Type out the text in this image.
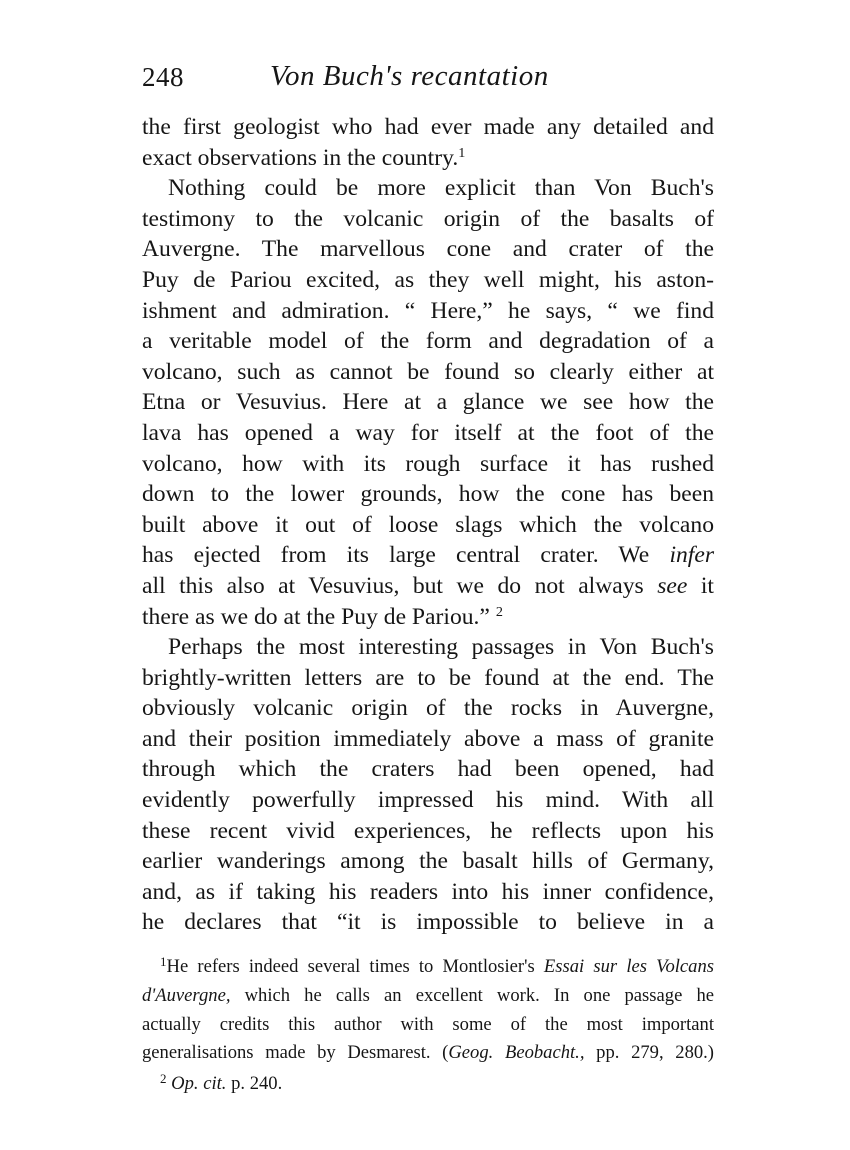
248	Von Buch's recantation
the first geologist who had ever made any detailed and
exact observations in the country.$^1$
Nothing could be more explicit than Von Buch's
testimony to the volcanic origin of the basalts of
Auvergne. The marvellous cone and crater of the
Puy de Pariou excited, as they well might, his aston-
ishment and admiration. “ Here,” he says, “ we find
a veritable model of the form and degradation of a
volcano, such as cannot be found so clearly either at
Etna or Vesuvius. Here at a glance we see how the
lava has opened a way for itself at the foot of the
volcano, how with its rough surface it has rushed
down to the lower grounds, how the cone has been
built above it out of loose slags which the volcano
has ejected from its large central crater. We infer
all this also at Vesuvius, but we do not always see it
there as we do at the Puy de Pariou.” $^2$
Perhaps the most interesting passages in Von Buch's
brightly-written letters are to be found at the end. The
obviously volcanic origin of the rocks in Auvergne,
and their position immediately above a mass of granite
through which the craters had been opened, had
evidently powerfully impressed his mind. With all
these recent vivid experiences, he reflects upon his
earlier wanderings among the basalt hills of Germany,
and, as if taking his readers into his inner confidence,
he declares that “it is impossible to believe in a
$^1$He refers indeed several times to Montlosier's Essai sur les Volcans
d'Auvergne, which he calls an excellent work. In one passage he
actually credits this author with some of the most important
generalisations made by Desmarest. (Geog. Beobacht., pp. 279, 280.)
$^2$ Op. cit. p. 240.
